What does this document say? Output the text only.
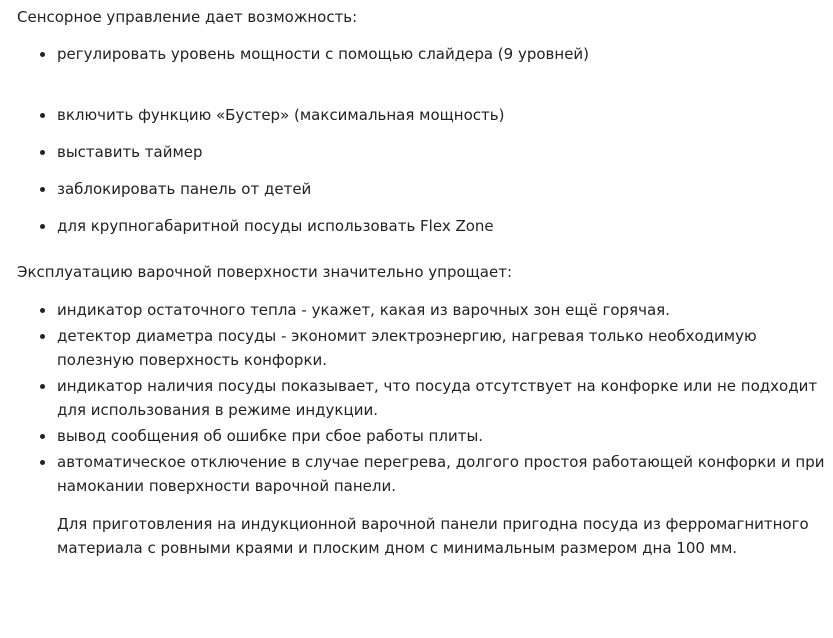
Сенсорное управление дает возможность:

регулировать уровень мощности с помощью слайдера (9 уровней)
включить функцию «Бустер» (максимальная мощность)
выставить таймер
заблокировать панель от детей
для крупногабаритной посуды использовать Flex Zone

Эксплуатацию варочной поверхности значительно упрощает:

индикатор остаточного тепла - укажет, какая из варочных зон ещё горячая.
детектор диаметра посуды - экономит электроэнергию, нагревая только необходимую полезную поверхность конфорки.
индикатор наличия посуды показывает, что посуда отсутствует на конфорке или не подходит для использования в режиме индукции.
вывод сообщения об ошибке при сбое работы плиты.
автоматическое отключение в случае перегрева, долгого простоя работающей конфорки и при намокании поверхности варочной панели.

Для приготовления на индукционной варочной панели пригодна посуда из ферромагнитного материала с ровными краями и плоским дном с минимальным размером дна 100 мм.
